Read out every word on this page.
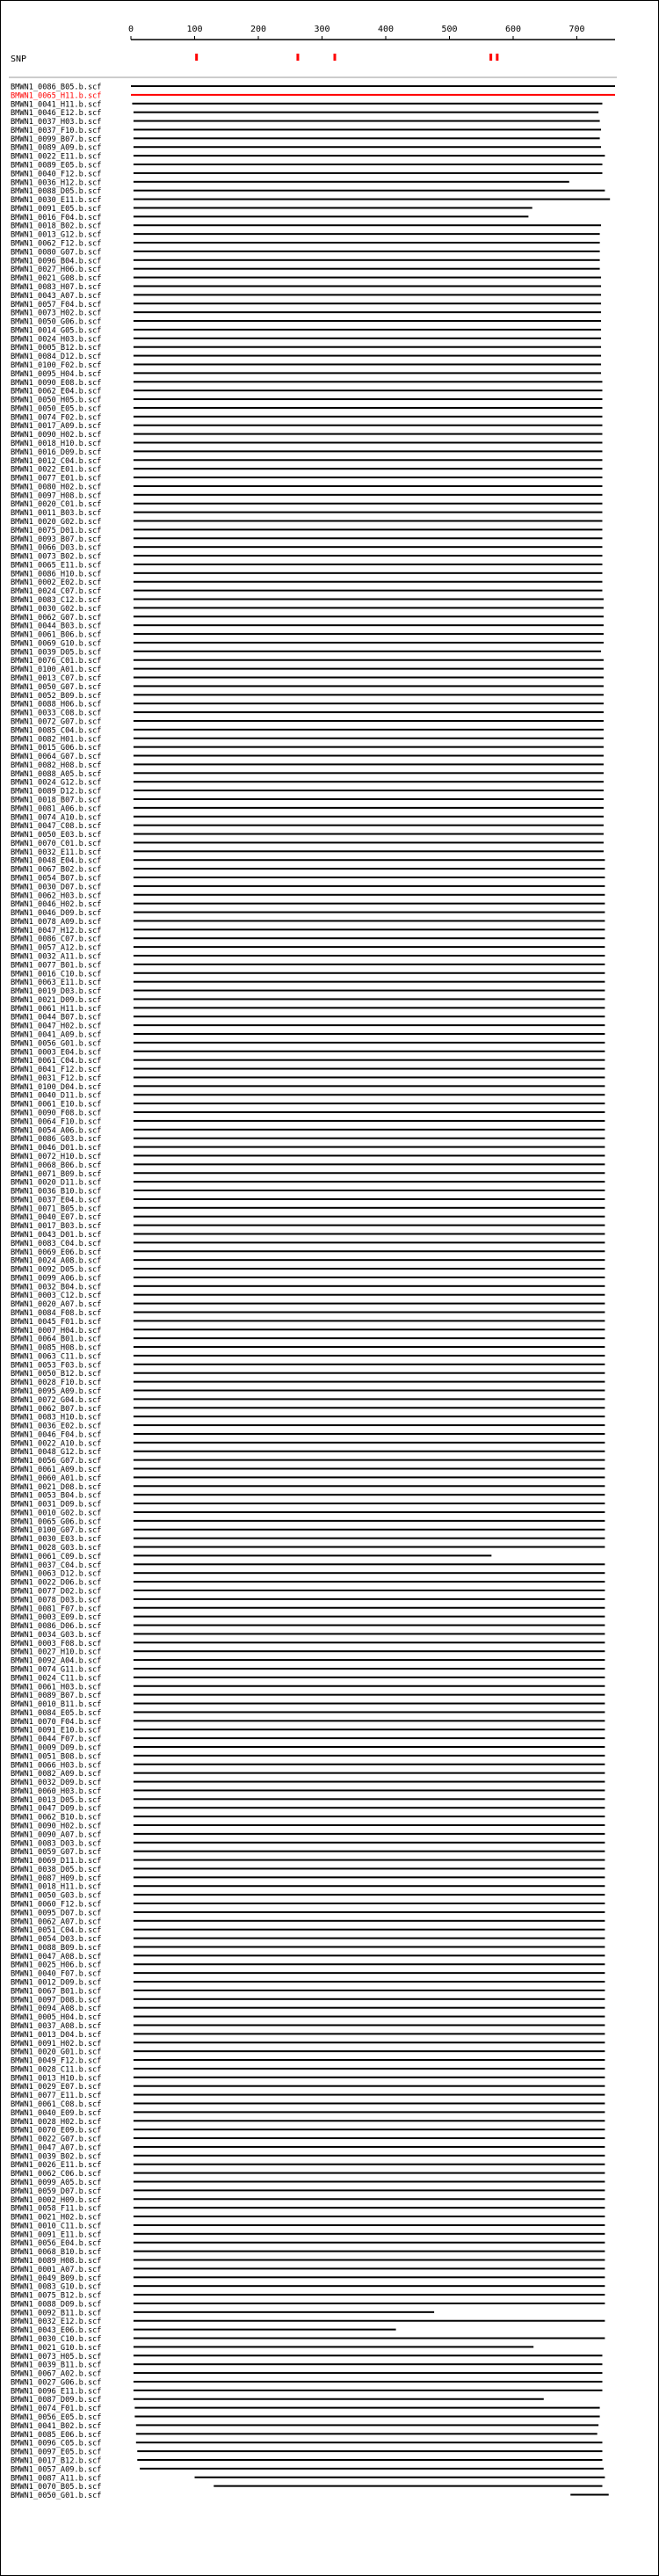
0	100	200	300	400	500	600	700
SNP
BMWN1_0086_B05.b.scf
BMWN1_0065_H11.b.scf
BMWN1_0041_H11.b.scf
BMWN1_0046_E12.b.scf
BMWN1_0037_H03.b.scf
BMWN1_0037_F10.b.scf
BMWN1_0099_B07.b.scf
BMWN1_0089_A09.b.scf
BMWN1_0022_E11.b.scf
BMWN1_0089_E05.b.scf
BMWN1_0040_F12.b.scf
BMWN1_0036_H12.b.scf
BMWN1_0088_D05.b.scf
BMWN1_0030_E11.b.scf
BMWN1_0091_E05.b.scf
BMWN1_0016_F04.b.scf
BMWN1_0018_B02.b.scf
BMWN1_0013_G12.b.scf
BMWN1_0062_F12.b.scf
BMWN1_0080_G07.b.scf
BMWN1_0096_B04.b.scf
BMWN1_0027_H06.b.scf
BMWN1_0021_G08.b.scf
BMWN1_0083_H07.b.scf
BMWN1_0043_A07.b.scf
BMWN1_0057_F04.b.scf
BMWN1_0073_H02.b.scf
BMWN1_0050_G06.b.scf
BMWN1_0014_G05.b.scf
BMWN1_0024_H03.b.scf
BMWN1_0005_B12.b.scf
BMWN1_0084_D12.b.scf
BMWN1_0100_F02.b.scf
BMWN1_0095_H04.b.scf
BMWN1_0090_E08.b.scf
BMWN1_0062_E04.b.scf
BMWN1_0050_H05.b.scf
BMWN1_0050_E05.b.scf
BMWN1_0074_F02.b.scf
BMWN1_0017_A09.b.scf
BMWN1_0090_H02.b.scf
BMWN1_0018_H10.b.scf
BMWN1_0016_D09.b.scf
BMWN1_0012_C04.b.scf
BMWN1_0022_E01.b.scf
BMWN1_0077_E01.b.scf
BMWN1_0080_H02.b.scf
BMWN1_0097_H08.b.scf
BMWN1_0020_C01.b.scf
BMWN1_0011_B03.b.scf
BMWN1_0020_G02.b.scf
BMWN1_0075_D01.b.scf
BMWN1_0093_B07.b.scf
BMWN1_0066_D03.b.scf
BMWN1_0073_B02.b.scf
BMWN1_0065_E11.b.scf
BMWN1_0086_H10.b.scf
BMWN1_0002_E02.b.scf
BMWN1_0024_C07.b.scf
BMWN1_0083_C12.b.scf
BMWN1_0030_G02.b.scf
BMWN1_0062_G07.b.scf
BMWN1_0044_B03.b.scf
BMWN1_0061_B06.b.scf
BMWN1_0069_G10.b.scf
BMWN1_0039_D05.b.scf
BMWN1_0076_C01.b.scf
BMWN1_0100_A01.b.scf
BMWN1_0013_C07.b.scf
BMWN1_0050_G07.b.scf
BMWN1_0052_B09.b.scf
BMWN1_0088_H06.b.scf
BMWN1_0033_C08.b.scf
BMWN1_0072_G07.b.scf
BMWN1_0085_C04.b.scf
BMWN1_0082_H01.b.scf
BMWN1_0015_G06.b.scf
BMWN1_0064_G07.b.scf
BMWN1_0082_H08.b.scf
BMWN1_0088_A05.b.scf
BMWN1_0024_G12.b.scf
BMWN1_0089_D12.b.scf
BMWN1_0018_B07.b.scf
BMWN1_0081_A06.b.scf
BMWN1_0074_A10.b.scf
BMWN1_0047_C08.b.scf
BMWN1_0050_E03.b.scf
BMWN1_0070_C01.b.scf
BMWN1_0032_E11.b.scf
BMWN1_0048_E04.b.scf
BMWN1_0067_B02.b.scf
BMWN1_0054_B07.b.scf
BMWN1_0030_D07.b.scf
BMWN1_0062_H03.b.scf
BMWN1_0046_H02.b.scf
BMWN1_0046_D09.b.scf
BMWN1_0078_A09.b.scf
BMWN1_0047_H12.b.scf
BMWN1_0086_C07.b.scf
BMWN1_0057_A12.b.scf
BMWN1_0032_A11.b.scf
BMWN1_0077_B01.b.scf
BMWN1_0016_C10.b.scf
BMWN1_0063_E11.b.scf
BMWN1_0019_D03.b.scf
BMWN1_0021_D09.b.scf
BMWN1_0061_H11.b.scf
BMWN1_0044_B07.b.scf
BMWN1_0047_H02.b.scf
BMWN1_0041_A09.b.scf
BMWN1_0056_G01.b.scf
BMWN1_0003_E04.b.scf
BMWN1_0061_C04.b.scf
BMWN1_0041_F12.b.scf
BMWN1_0031_F12.b.scf
BMWN1_0100_D04.b.scf
BMWN1_0040_D11.b.scf
BMWN1_0061_E10.b.scf
BMWN1_0090_F08.b.scf
BMWN1_0064_F10.b.scf
BMWN1_0054_A06.b.scf
BMWN1_0086_G03.b.scf
BMWN1_0046_D01.b.scf
BMWN1_0072_H10.b.scf
BMWN1_0068_B06.b.scf
BMWN1_0071_B09.b.scf
BMWN1_0020_D11.b.scf
BMWN1_0036_B10.b.scf
BMWN1_0037_E04.b.scf
BMWN1_0071_B05.b.scf
BMWN1_0040_E07.b.scf
BMWN1_0017_B03.b.scf
BMWN1_0043_D01.b.scf
BMWN1_0083_C04.b.scf
BMWN1_0069_E06.b.scf
BMWN1_0024_A08.b.scf
BMWN1_0092_D05.b.scf
BMWN1_0099_A06.b.scf
BMWN1_0032_B04.b.scf
BMWN1_0003_C12.b.scf
BMWN1_0020_A07.b.scf
BMWN1_0084_F08.b.scf
BMWN1_0045_F01.b.scf
BMWN1_0007_H04.b.scf
BMWN1_0064_B01.b.scf
BMWN1_0085_H08.b.scf
BMWN1_0063_C11.b.scf
BMWN1_0053_F03.b.scf
BMWN1_0050_B12.b.scf
BMWN1_0028_F10.b.scf
BMWN1_0095_A09.b.scf
BMWN1_0072_G04.b.scf
BMWN1_0062_B07.b.scf
BMWN1_0083_H10.b.scf
BMWN1_0036_E02.b.scf
BMWN1_0046_F04.b.scf
BMWN1_0022_A10.b.scf
BMWN1_0048_G12.b.scf
BMWN1_0056_G07.b.scf
BMWN1_0061_A09.b.scf
BMWN1_0060_A01.b.scf
BMWN1_0021_D08.b.scf
BMWN1_0053_B04.b.scf
BMWN1_0031_D09.b.scf
BMWN1_0010_G02.b.scf
BMWN1_0065_G06.b.scf
BMWN1_0100_G07.b.scf
BMWN1_0030_E03.b.scf
BMWN1_0028_G03.b.scf
BMWN1_0061_C09.b.scf
BMWN1_0037_C04.b.scf
BMWN1_0063_D12.b.scf
BMWN1_0022_D06.b.scf
BMWN1_0077_D02.b.scf
BMWN1_0078_D03.b.scf
BMWN1_0081_F07.b.scf
BMWN1_0003_E09.b.scf
BMWN1_0086_D06.b.scf
BMWN1_0034_G03.b.scf
BMWN1_0003_F08.b.scf
BMWN1_0027_H10.b.scf
BMWN1_0092_A04.b.scf
BMWN1_0074_G11.b.scf
BMWN1_0024_C11.b.scf
BMWN1_0061_H03.b.scf
BMWN1_0089_B07.b.scf
BMWN1_0010_B11.b.scf
BMWN1_0084_E05.b.scf
BMWN1_0070_F04.b.scf
BMWN1_0091_E10.b.scf
BMWN1_0044_F07.b.scf
BMWN1_0009_D09.b.scf
BMWN1_0051_B08.b.scf
BMWN1_0066_H03.b.scf
BMWN1_0082_A09.b.scf
BMWN1_0032_D09.b.scf
BMWN1_0060_H03.b.scf
BMWN1_0013_D05.b.scf
BMWN1_0047_D09.b.scf
BMWN1_0062_B10.b.scf
BMWN1_0090_H02.b.scf
BMWN1_0090_A07.b.scf
BMWN1_0083_D03.b.scf
BMWN1_0059_G07.b.scf
BMWN1_0069_D11.b.scf
BMWN1_0038_D05.b.scf
BMWN1_0087_H09.b.scf
BMWN1_0018_H11.b.scf
BMWN1_0050_G03.b.scf
BMWN1_0060_F12.b.scf
BMWN1_0095_D07.b.scf
BMWN1_0062_A07.b.scf
BMWN1_0051_C04.b.scf
BMWN1_0054_D03.b.scf
BMWN1_0088_B09.b.scf
BMWN1_0047_A08.b.scf
BMWN1_0025_H06.b.scf
BMWN1_0040_F07.b.scf
BMWN1_0012_D09.b.scf
BMWN1_0067_B01.b.scf
BMWN1_0097_D08.b.scf
BMWN1_0094_A08.b.scf
BMWN1_0005_H04.b.scf
BMWN1_0037_A08.b.scf
BMWN1_0013_D04.b.scf
BMWN1_0091_H02.b.scf
BMWN1_0020_G01.b.scf
BMWN1_0049_F12.b.scf
BMWN1_0028_C11.b.scf
BMWN1_0013_H10.b.scf
BMWN1_0029_E07.b.scf
BMWN1_0077_E11.b.scf
BMWN1_0061_C08.b.scf
BMWN1_0040_E09.b.scf
BMWN1_0028_H02.b.scf
BMWN1_0070_E09.b.scf
BMWN1_0022_G07.b.scf
BMWN1_0047_A07.b.scf
BMWN1_0039_B02.b.scf
BMWN1_0026_E11.b.scf
BMWN1_0062_C06.b.scf
BMWN1_0099_A05.b.scf
BMWN1_0059_D07.b.scf
BMWN1_0002_H09.b.scf
BMWN1_0058_F11.b.scf
BMWN1_0021_H02.b.scf
BMWN1_0010_C11.b.scf
BMWN1_0091_E11.b.scf
BMWN1_0056_E04.b.scf
BMWN1_0068_B10.b.scf
BMWN1_0089_H08.b.scf
BMWN1_0001_A07.b.scf
BMWN1_0049_B09.b.scf
BMWN1_0083_G10.b.scf
BMWN1_0075_B12.b.scf
BMWN1_0088_D09.b.scf
BMWN1_0092_B11.b.scf
BMWN1_0032_E12.b.scf
BMWN1_0043_E06.b.scf
BMWN1_0030_C10.b.scf
BMWN1_0021_G10.b.scf
BMWN1_0073_H05.b.scf
BMWN1_0039_B11.b.scf
BMWN1_0067_A02.b.scf
BMWN1_0027_G06.b.scf
BMWN1_0096_E11.b.scf
BMWN1_0087_D09.b.scf
BMWN1_0074_F01.b.scf
BMWN1_0056_E05.b.scf
BMWN1_0041_B02.b.scf
BMWN1_0085_E06.b.scf
BMWN1_0096_C05.b.scf
BMWN1_0097_E05.b.scf
BMWN1_0017_B12.b.scf
BMWN1_0057_A09.b.scf
BMWN1_0087_A11.b.scf
BMWN1_0070_B05.b.scf
BMWN1_0050_G01.b.scf
